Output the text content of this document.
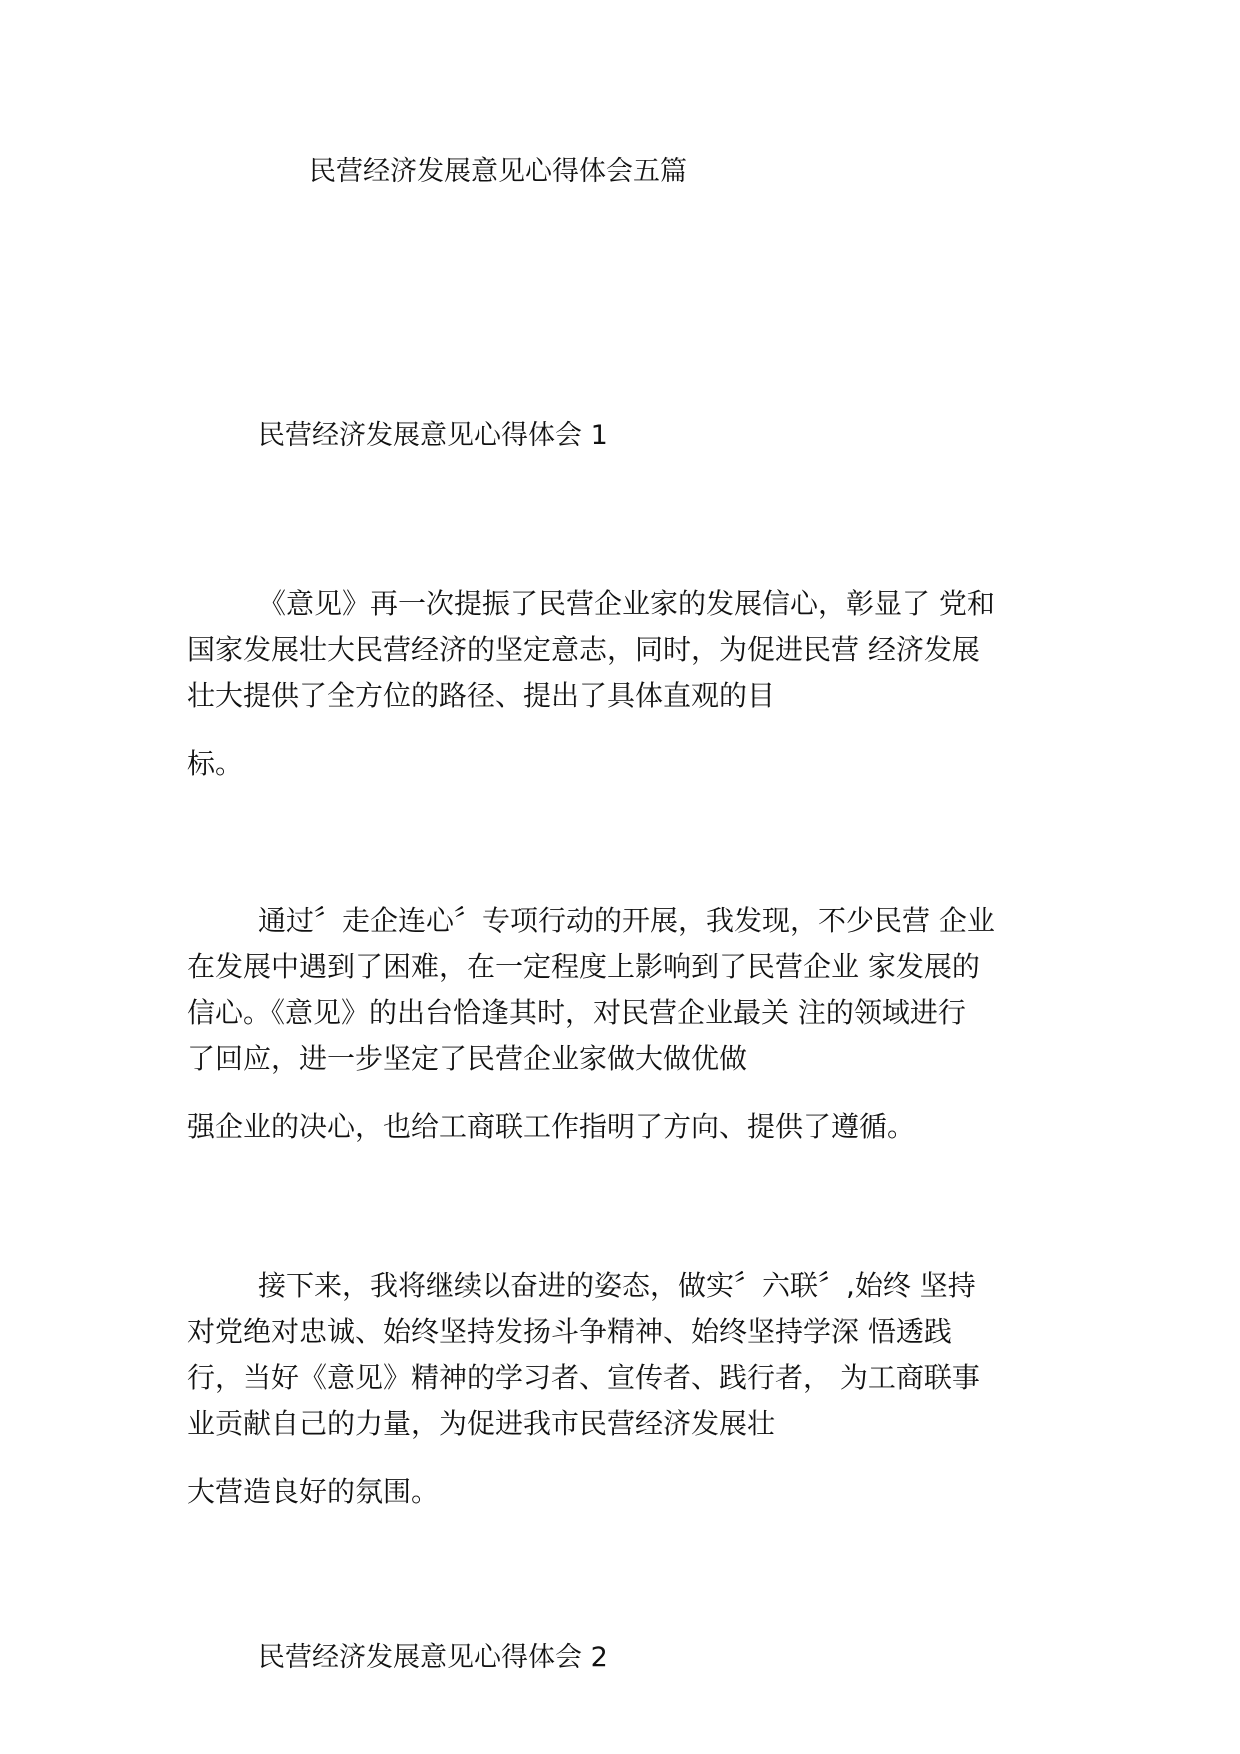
民营经济发展意见心得体会五篇
民营经济发展意见心得体会 1
《意见》再一次提振了民营企业家的发展信心，彰显了 党和
国家发展壮大民营经济的坚定意志，同时，为促进民营 经济发展
壮大提供了全方位的路径、提出了具体直观的目
标。
通过〞走企连心〞专项行动的开展，我发现，不少民营 企业
在发展中遇到了困难，在一定程度上影响到了民营企业 家发展的
信心。《意见》的出台恰逢其时，对民营企业最关 注的领域进行
了回应，进一步坚定了民营企业家做大做优做
强企业的决心，也给工商联工作指明了方向、提供了遵循。
接下来，我将继续以奋进的姿态，做实〞六联〞,始终 坚持
对党绝对忠诚、始终坚持发扬斗争精神、始终坚持学深 悟透践
行，当好《意见》精神的学习者、宣传者、践行者， 为工商联事
业贡献自己的力量，为促进我市民营经济发展壮
大营造良好的氛围。
民营经济发展意见心得体会 2
